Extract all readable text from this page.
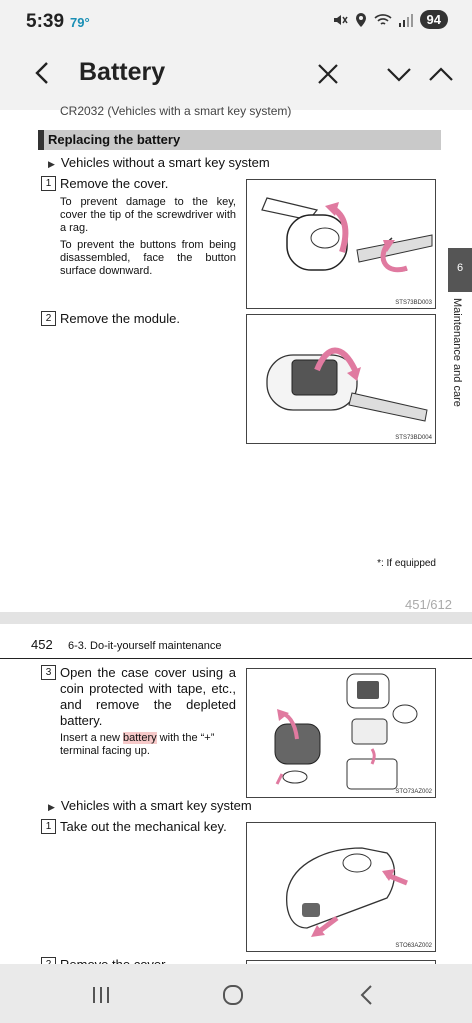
5:39 79°	94
Battery
CR2032 (Vehicles with a smart key system)
Replacing the battery
▶ Vehicles without a smart key system
1 Remove the cover.
To prevent damage to the key, cover the tip of the screwdriver with a rag.
To prevent the buttons from being disassembled, face the button surface downward.
STS73BD003
2 Remove the module.
STS73BD004
6
Maintenance and care
*: If equipped
451/612
452 6-3. Do-it-yourself maintenance
3 Open the case cover using a coin protected with tape, etc., and remove the depleted battery.
Insert a new battery with the “+” terminal facing up.
STO73AZ002
▶ Vehicles with a smart key system
1 Take out the mechanical key.
STO63AZ002
